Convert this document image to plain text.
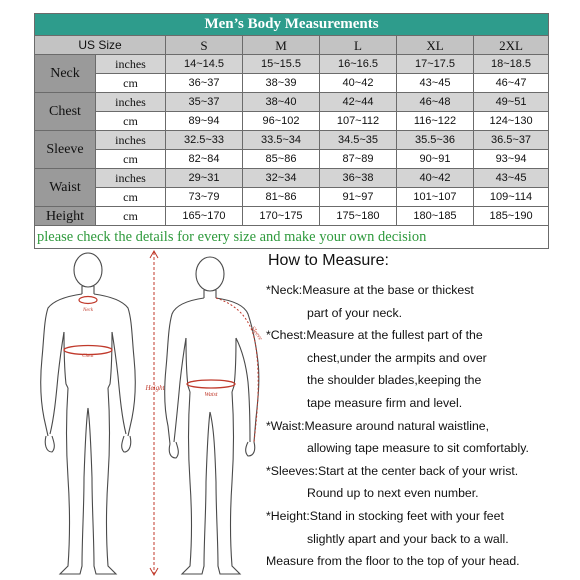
Men’s Body Measurements						
US Size		S	M	L	XL	2XL
Neck	inches	14~14.5	15~15.5	16~16.5	17~17.5	18~18.5
	cm	36~37	38~39	40~42	43~45	46~47
Chest	inches	35~37	38~40	42~44	46~48	49~51
	cm	89~94	96~102	107~112	116~122	124~130
Sleeve	inches	32.5~33	33.5~34	34.5~35	35.5~36	36.5~37
	cm	82~84	85~86	87~89	90~91	93~94
Waist	inches	29~31	32~34	36~38	40~42	43~45
	cm	73~79	81~86	91~97	101~107	109~114
Height	cm	165~170	170~175	175~180	180~185	185~190
please check the details for every size and make your own decision						
Neck
Chest
Height
Waist
Sleeve
How to Measure:
*Neck:Measure at the base or thickest
part of your neck.
*Chest:Measure at the fullest part of the
chest,under the armpits and over
the shoulder blades,keeping the
tape measure firm and level.
*Waist:Measure around natural waistline,
allowing tape measure to sit comfortably.
*Sleeves:Start at the center back of your wrist.
Round up to next even number.
*Height:Stand in stocking feet with your feet
slightly apart and your back to a wall.
Measure from the floor to the top of your head.
